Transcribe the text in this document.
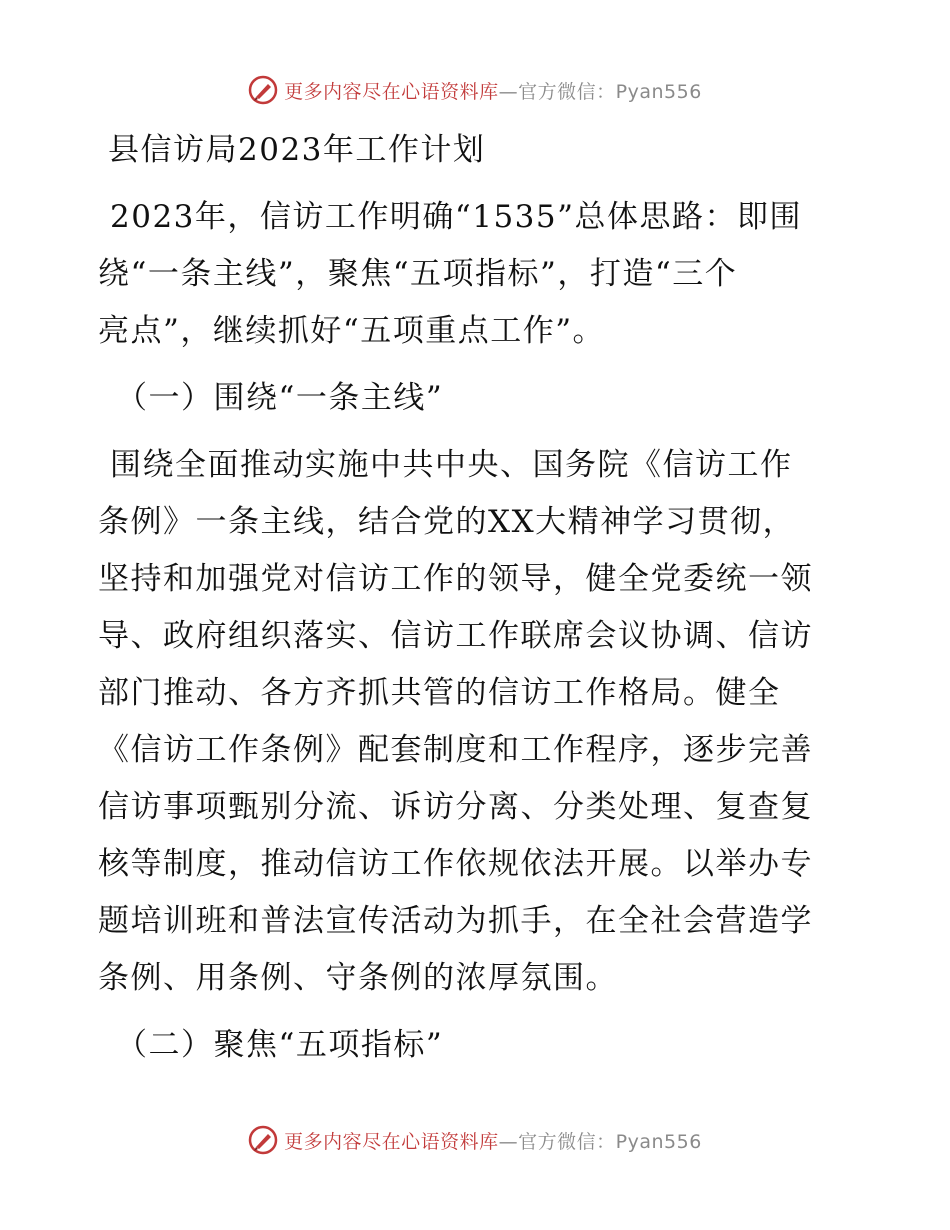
更多内容尽在心语资料库—官方微信：Pyan556
县信访局2023年工作计划
2023年，信访工作明确“1535”总体思路：即围
绕“一条主线”，聚焦“五项指标”，打造“三个
亮点”，继续抓好“五项重点工作”。
（一）围绕“一条主线”
围绕全面推动实施中共中央、国务院《信访工作
条例》一条主线，结合党的XX大精神学习贯彻，
坚持和加强党对信访工作的领导，健全党委统一领
导、政府组织落实、信访工作联席会议协调、信访
部门推动、各方齐抓共管的信访工作格局。健全
《信访工作条例》配套制度和工作程序，逐步完善
信访事项甄别分流、诉访分离、分类处理、复查复
核等制度，推动信访工作依规依法开展。以举办专
题培训班和普法宣传活动为抓手，在全社会营造学
条例、用条例、守条例的浓厚氛围。
（二）聚焦“五项指标”
更多内容尽在心语资料库—官方微信：Pyan556
